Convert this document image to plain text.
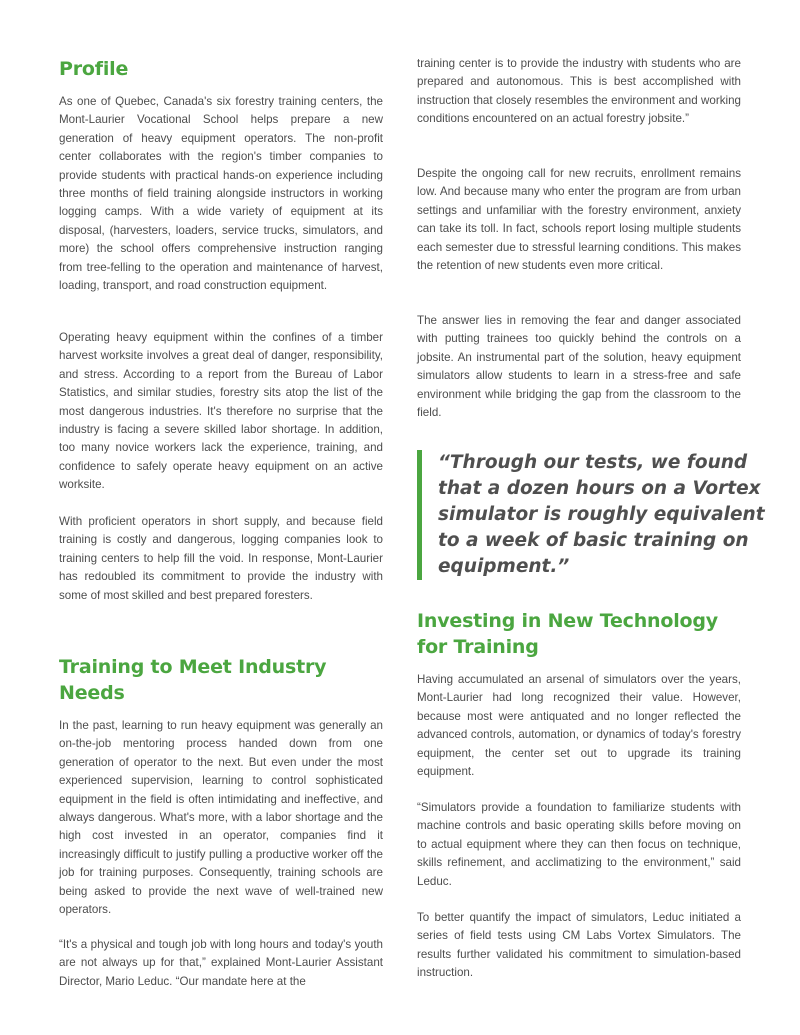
Profile

As one of Quebec, Canada's six forestry training centers, the Mont-Laurier Vocational School helps prepare a new generation of heavy equipment operators. The non-profit center collaborates with the region's timber companies to provide students with practical hands-on experience including three months of field training alongside instructors in working logging camps. With a wide variety of equipment at its disposal, (harvesters, loaders, service trucks, simulators, and more) the school offers comprehensive instruction ranging from tree-felling to the operation and maintenance of harvest, loading, transport, and road construction equipment.

Operating heavy equipment within the confines of a timber harvest worksite involves a great deal of danger, responsibility, and stress. According to a report from the Bureau of Labor Statistics, and similar studies, forestry sits atop the list of the most dangerous industries. It's therefore no surprise that the industry is facing a severe skilled labor shortage. In addition, too many novice workers lack the experience, training, and confidence to safely operate heavy equipment on an active worksite.

With proficient operators in short supply, and because field training is costly and dangerous, logging companies look to training centers to help fill the void. In response, Mont-Laurier has redoubled its commitment to provide the industry with some of most skilled and best prepared foresters.

Training to Meet Industry Needs

In the past, learning to run heavy equipment was generally an on-the-job mentoring process handed down from one generation of operator to the next. But even under the most experienced supervision, learning to control sophisticated equipment in the field is often intimidating and ineffective, and always dangerous. What's more, with a labor shortage and the high cost invested in an operator, companies find it increasingly difficult to justify pulling a productive worker off the job for training purposes. Consequently, training schools are being asked to provide the next wave of well-trained new operators.

“It's a physical and tough job with long hours and today's youth are not always up for that,” explained Mont-Laurier Assistant Director, Mario Leduc. “Our mandate here at the

training center is to provide the industry with students who are prepared and autonomous. This is best accomplished with instruction that closely resembles the environment and working conditions encountered on an actual forestry jobsite.”

Despite the ongoing call for new recruits, enrollment remains low. And because many who enter the program are from urban settings and unfamiliar with the forestry environment, anxiety can take its toll. In fact, schools report losing multiple students each semester due to stressful learning conditions. This makes the retention of new students even more critical.

The answer lies in removing the fear and danger associated with putting trainees too quickly behind the controls on a jobsite. An instrumental part of the solution, heavy equipment simulators allow students to learn in a stress-free and safe environment while bridging the gap from the classroom to the field.

Investing in New Technology for Training

Having accumulated an arsenal of simulators over the years, Mont-Laurier had long recognized their value. However, because most were antiquated and no longer reflected the advanced controls, automation, or dynamics of today's forestry equipment, the center set out to upgrade its training equipment.

“Simulators provide a foundation to familiarize students with machine controls and basic operating skills before moving on to actual equipment where they can then focus on technique, skills refinement, and acclimatizing to the environment,” said Leduc.

To better quantify the impact of simulators, Leduc initiated a series of field tests using CM Labs Vortex Simulators. The results further validated his commitment to simulation-based instruction.

“Through our tests, we found that a dozen hours on a Vortex simulator is roughly equivalent to a week of basic training on equipment.”
